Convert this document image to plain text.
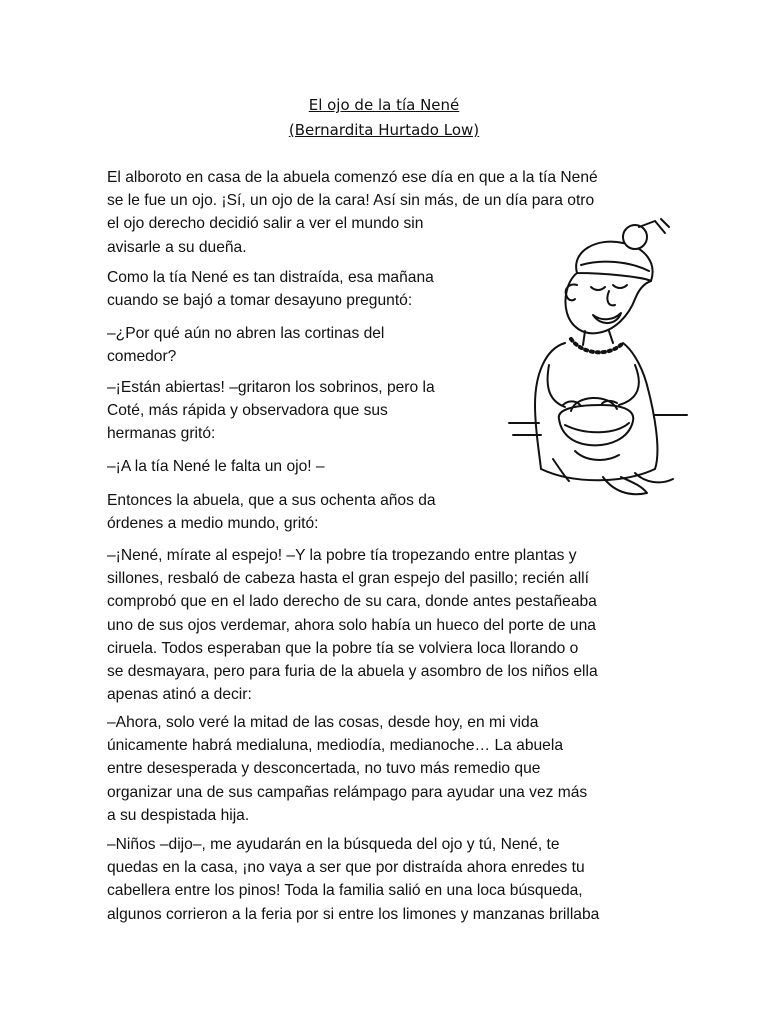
El ojo de la tía Nené
(Bernardita Hurtado Low)
El alboroto en casa de la abuela comenzó ese día en que a la tía Nené
se le fue un ojo. ¡Sí, un ojo de la cara! Así sin más, de un día para otro
el ojo derecho decidió salir a ver el mundo sin
avisarle a su dueña.
Como la tía Nené es tan distraída, esa mañana
cuando se bajó a tomar desayuno preguntó:
–¿Por qué aún no abren las cortinas del
comedor?
–¡Están abiertas! –gritaron los sobrinos, pero la
Coté, más rápida y observadora que sus
hermanas gritó:
–¡A la tía Nené le falta un ojo! –
Entonces la abuela, que a sus ochenta años da
órdenes a medio mundo, gritó:
–¡Nené, mírate al espejo! –Y la pobre tía tropezando entre plantas y
sillones, resbaló de cabeza hasta el gran espejo del pasillo; recién allí
comprobó que en el lado derecho de su cara, donde antes pestañeaba
uno de sus ojos verdemar, ahora solo había un hueco del porte de una
ciruela. Todos esperaban que la pobre tía se volviera loca llorando o
se desmayara, pero para furia de la abuela y asombro de los niños ella
apenas atinó a decir:
–Ahora, solo veré la mitad de las cosas, desde hoy, en mi vida
únicamente habrá medialuna, mediodía, medianoche… La abuela
entre desesperada y desconcertada, no tuvo más remedio que
organizar una de sus campañas relámpago para ayudar una vez más
a su despistada hija.
–Niños –dijo–, me ayudarán en la búsqueda del ojo y tú, Nené, te
quedas en la casa, ¡no vaya a ser que por distraída ahora enredes tu
cabellera entre los pinos! Toda la familia salió en una loca búsqueda,
algunos corrieron a la feria por si entre los limones y manzanas brillaba
